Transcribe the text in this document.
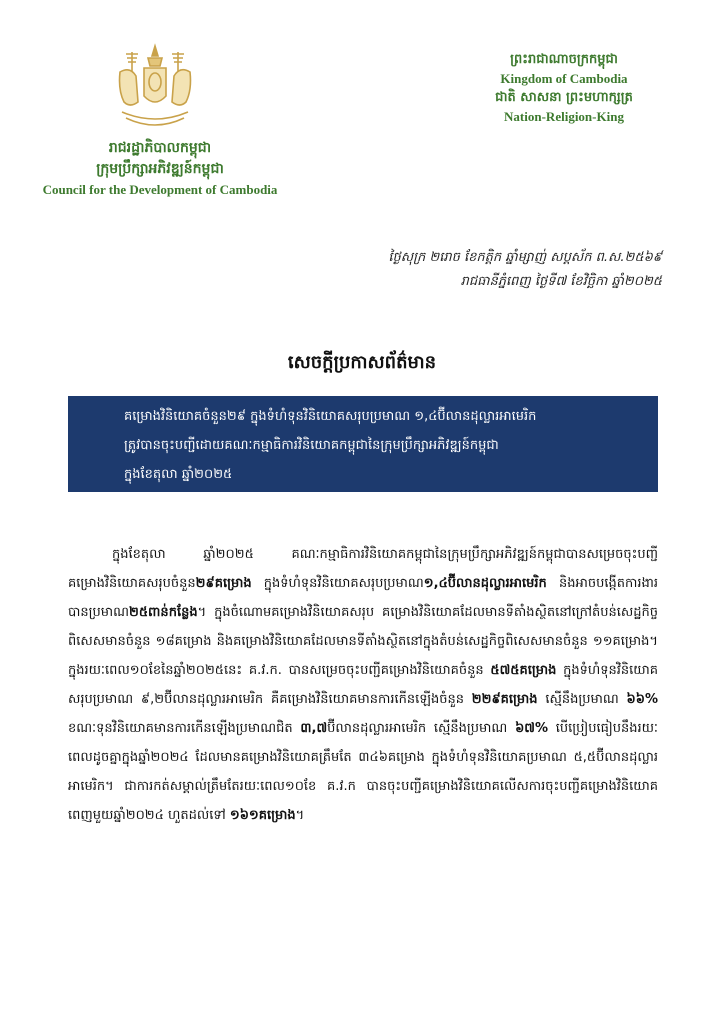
រាជរដ្ឋាភិបាលកម្ពុជា
ក្រុមប្រឹក្សាអភិវឌ្ឍន៍កម្ពុជា
Council for the Development of Cambodia
ព្រះរាជាណាចក្រកម្ពុជា
Kingdom of Cambodia
ជាតិ សាសនា ព្រះមហាក្សត្រ
Nation-Religion-King
ថ្ងៃសុក្រ ២រោច ខែកត្តិក ឆ្នាំម្សាញ់ សប្តស័ក ព.ស.២៥៦៩
រាជធានីភ្នំពេញ ថ្ងៃទី៧ ខែវិច្ឆិកា ឆ្នាំ២០២៥
សេចក្តីប្រកាសព័ត៌មាន
គម្រោងវិនិយោគចំនួន២៩ ក្នុងទំហំទុនវិនិយោគសរុបប្រមាណ ១,៤ប៊ីលានដុល្លារអាមេរិក
ត្រូវបានចុះបញ្ជីដោយគណៈកម្មាធិការវិនិយោគកម្ពុជានៃក្រុមប្រឹក្សាអភិវឌ្ឍន៍កម្ពុជា
ក្នុងខែតុលា ឆ្នាំ២០២៥
ក្នុងខែតុលា ឆ្នាំ២០២៥ គណៈកម្មាធិការវិនិយោគកម្ពុជានៃក្រុមប្រឹក្សាអភិវឌ្ឍន៍កម្ពុជាបានសម្រេចចុះបញ្ជីគម្រោងវិនិយោគសរុបចំនួន២៩គម្រោង ក្នុងទំហំទុនវិនិយោគសរុបប្រមាណ១,៤ប៊ីលានដុល្លារអាមេរិក និងអាចបង្កើតការងារបានប្រមាណ២៥ពាន់កន្លែង។ ក្នុងចំណោមគម្រោងវិនិយោគសរុប គម្រោងវិនិយោគដែលមានទីតាំងស្ថិតនៅក្រៅតំបន់សេដ្ឋកិច្ចពិសេសមានចំនួន ១៨គម្រោង និងគម្រោងវិនិយោគដែលមានទីតាំងស្ថិតនៅក្នុងតំបន់សេដ្ឋកិច្ចពិសេសមានចំនួន ១១គម្រោង។ ក្នុងរយៈពេល១០ខែនៃឆ្នាំ២០២៥នេះ គ.វ.ក. បានសម្រេចចុះបញ្ជីគម្រោងវិនិយោគចំនួន ៥៧៥គម្រោង ក្នុងទំហំទុនវិនិយោគសរុបប្រមាណ ៩,២ប៊ីលានដុល្លារអាមេរិក គឺគម្រោងវិនិយោគមានការកើនឡើងចំនួន ២២៩គម្រោង ស្មើនឹងប្រមាណ ៦៦% ខណៈទុនវិនិយោគមានការកើនឡើងប្រមាណជិត ៣,៧ប៊ីលានដុល្លារអាមេរិក ស្មើនឹងប្រមាណ ៦៧% បើប្រៀបធៀបនឹងរយៈពេលដូចគ្នាក្នុងឆ្នាំ២០២៤ ដែលមានគម្រោងវិនិយោគត្រឹមតែ ៣៤៦គម្រោង ក្នុងទំហំទុនវិនិយោគប្រមាណ ៥,៥ប៊ីលានដុល្លារអាមេរិក។ ជាការកត់សម្គាល់ត្រឹមតែរយៈពេល១០ខែ គ.វ.ក បានចុះបញ្ជីគម្រោងវិនិយោគលើសការចុះបញ្ជីគម្រោងវិនិយោគពេញមួយឆ្នាំ២០២៤ ហួតដល់ទៅ ១៦១គម្រោង។
